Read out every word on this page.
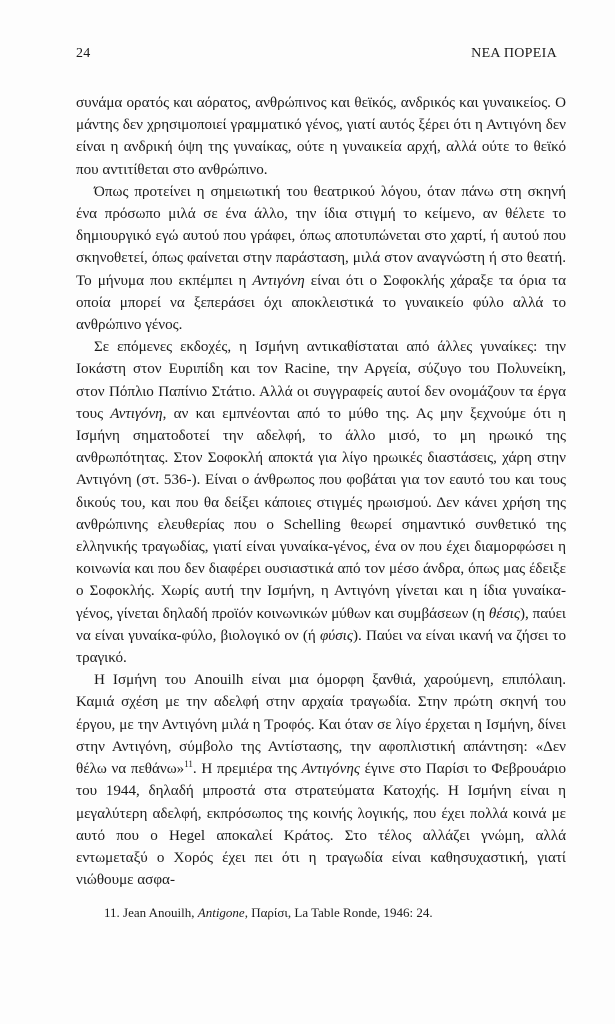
24	ΝΕΑ ΠΟΡΕΙΑ

συνάμα ορατός και αόρατος, ανθρώπινος και θεϊκός, ανδρικός και γυναικείος. Ο μάντης δεν χρησιμοποιεί γραμματικό γένος, γιατί αυτός ξέρει ότι η Αντιγόνη δεν είναι η ανδρική όψη της γυναίκας, ούτε η γυναικεία αρχή, αλλά ούτε το θεϊκό που αντιτίθεται στο ανθρώπινο.

Όπως προτείνει η σημειωτική του θεατρικού λόγου, όταν πάνω στη σκηνή ένα πρόσωπο μιλά σε ένα άλλο, την ίδια στιγμή το κείμενο, αν θέλετε το δημιουργικό εγώ αυτού που γράφει, όπως αποτυπώνεται στο χαρτί, ή αυτού που σκηνοθετεί, όπως φαίνεται στην παράσταση, μιλά στον αναγνώστη ή στο θεατή. Το μήνυμα που εκπέμπει η Αντιγόνη είναι ότι ο Σοφοκλής χάραξε τα όρια τα οποία μπορεί να ξεπεράσει όχι αποκλειστικά το γυναικείο φύλο αλλά το ανθρώπινο γένος.

Σε επόμενες εκδοχές, η Ισμήνη αντικαθίσταται από άλλες γυναίκες: την Ιοκάστη στον Ευριπίδη και τον Racine, την Αργεία, σύζυγο του Πολυνείκη, στον Πόπλιο Παπίνιο Στάτιο. Αλλά οι συγγραφείς αυτοί δεν ονομάζουν τα έργα τους Αντιγόνη, αν και εμπνέονται από το μύθο της. Ας μην ξεχνούμε ότι η Ισμήνη σηματοδοτεί την αδελφή, το άλλο μισό, το μη ηρωικό της ανθρωπότητας. Στον Σοφοκλή αποκτά για λίγο ηρωικές διαστάσεις, χάρη στην Αντιγόνη (στ. 536-). Είναι ο άνθρωπος που φοβάται για τον εαυτό του και τους δικούς του, και που θα δείξει κάποιες στιγμές ηρωισμού. Δεν κάνει χρήση της ανθρώπινης ελευθερίας που ο Schelling θεωρεί σημαντικό συνθετικό της ελληνικής τραγωδίας, γιατί είναι γυναίκα-γένος, ένα ον που έχει διαμορφώσει η κοινωνία και που δεν διαφέρει ουσιαστικά από τον μέσο άνδρα, όπως μας έδειξε ο Σοφοκλής. Χωρίς αυτή την Ισμήνη, η Αντιγόνη γίνεται και η ίδια γυναίκα-γένος, γίνεται δηλαδή προϊόν κοινωνικών μύθων και συμβάσεων (η θέσις), παύει να είναι γυναίκα-φύλο, βιολογικό ον (ή φύσις). Παύει να είναι ικανή να ζήσει το τραγικό.

Η Ισμήνη του Anouilh είναι μια όμορφη ξανθιά, χαρούμενη, επιπόλαιη. Καμιά σχέση με την αδελφή στην αρχαία τραγωδία. Στην πρώτη σκηνή του έργου, με την Αντιγόνη μιλά η Τροφός. Και όταν σε λίγο έρχεται η Ισμήνη, δίνει στην Αντιγόνη, σύμβολο της Αντίστασης, την αφοπλιστική απάντηση: «Δεν θέλω να πεθάνω»$^{11}$. Η πρεμιέρα της Αντιγόνης έγινε στο Παρίσι το Φεβρουάριο του 1944, δηλαδή μπροστά στα στρατεύματα Κατοχής. Η Ισμήνη είναι η μεγαλύτερη αδελφή, εκπρόσωπος της κοινής λογικής, που έχει πολλά κοινά με αυτό που ο Hegel αποκαλεί Κράτος. Στο τέλος αλλάζει γνώμη, αλλά εντωμεταξύ ο Χορός έχει πει ότι η τραγωδία είναι καθησυχαστική, γιατί νιώθουμε ασφα-

11. Jean Anouilh, Antigone, Παρίσι, La Table Ronde, 1946: 24.
